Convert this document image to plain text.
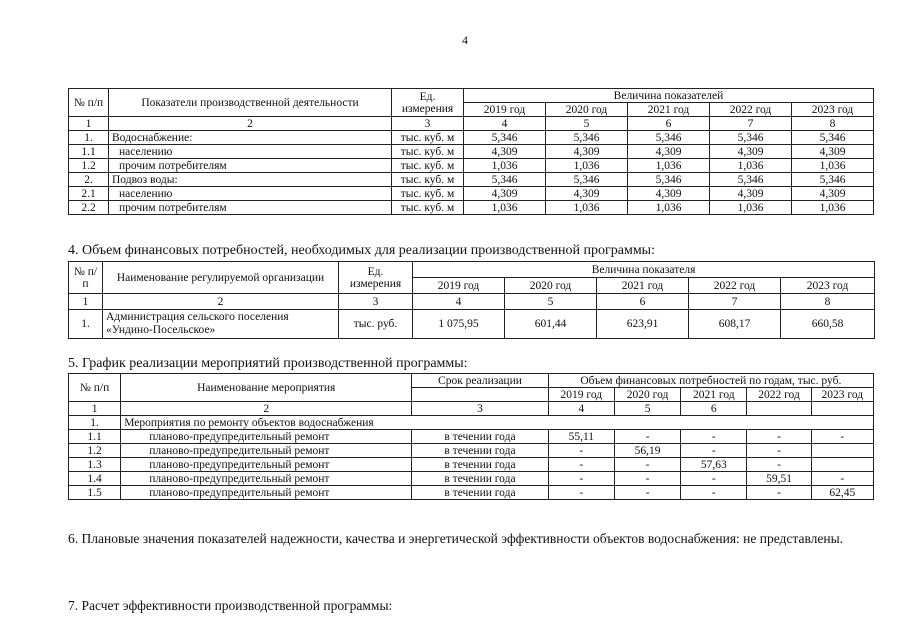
4
№ п/п	Показатели производственной деятельности	Ед. измерения	Величина показателей				
			2019 год	2020 год	2021 год	2022 год	2023 год
1	2	3	4	5	6	7	8
1.	Водоснабжение:	тыс. куб. м	5,346	5,346	5,346	5,346	5,346
1.1	населению	тыс. куб. м	4,309	4,309	4,309	4,309	4,309
1.2	прочим потребителям	тыс. куб. м	1,036	1,036	1,036	1,036	1,036
2.	Подвоз воды:	тыс. куб. м	5,346	5,346	5,346	5,346	5,346
2.1	населению	тыс. куб. м	4,309	4,309	4,309	4,309	4,309
2.2	прочим потребителям	тыс. куб. м	1,036	1,036	1,036	1,036	1,036
4. Объем финансовых потребностей, необходимых для реализации производственной программы:
№ п/п	Наименование регулируемой организации	Ед. измерения	Величина показателя				
			2019 год	2020 год	2021 год	2022 год	2023 год
1	2	3	4	5	6	7	8
1.	Администрация сельского поселения
«Ундино-Посельское»	тыс. руб.	1 075,95	601,44	623,91	608,17	660,58
5. График реализации мероприятий производственной программы:
№ п/п	Наименование мероприятия	Срок реализации	Объем финансовых потребностей по годам, тыс. руб.				
			2019 год	2020 год	2021 год	2022 год	2023 год
1	2	3	4	5	6		
1.	Мероприятия по ремонту объектов водоснабжения						
1.1	планово-предупредительный ремонт	в течении года	55,11	-	-	-	-
1.2	планово-предупредительный ремонт	в течении года	-	56,19	-	-	
1.3	планово-предупредительный ремонт	в течении года	-	-	57,63	-	
1.4	планово-предупредительный ремонт	в течении года	-	-	-	59,51	-
1.5	планово-предупредительный ремонт	в течении года	-	-	-	-	62,45
6. Плановые значения показателей надежности, качества и энергетической эффективности объектов водоснабжения: не представлены.
7. Расчет эффективности производственной программы:
